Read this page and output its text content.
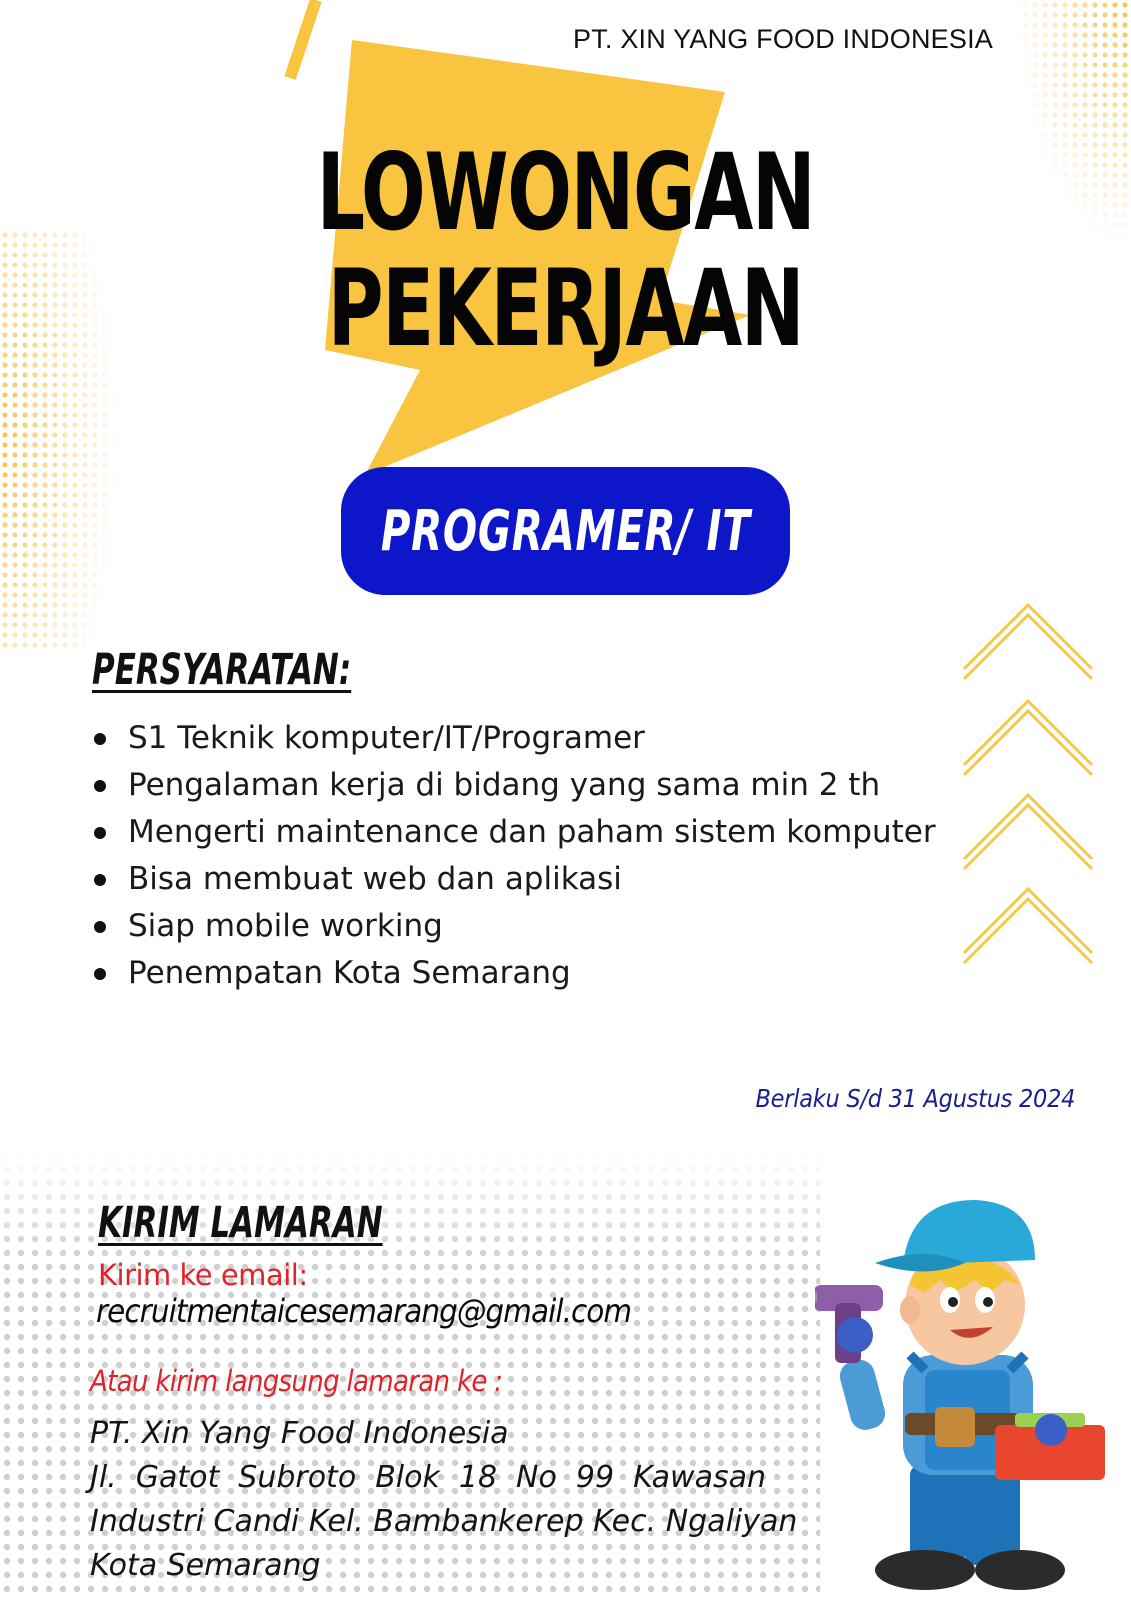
PT. XIN YANG FOOD INDONESIA
LOWONGAN
PEKERJAAN
PROGRAMER/ IT
PERSYARATAN:
S1 Teknik komputer/IT/Programer
Pengalaman kerja di bidang yang sama min 2 th
Mengerti maintenance dan paham sistem komputer
Bisa membuat web dan aplikasi
Siap mobile working
Penempatan Kota Semarang
Berlaku S/d 31 Agustus 2024
KIRIM LAMARAN
Kirim ke email:
recruitmentaicesemarang@gmail.com
Atau kirim langsung lamaran ke :
PT. Xin Yang Food Indonesia
Jl. Gatot Subroto Blok 18 No 99 Kawasan
Industri Candi Kel. Bambankerep Kec. Ngaliyan
Kota Semarang
